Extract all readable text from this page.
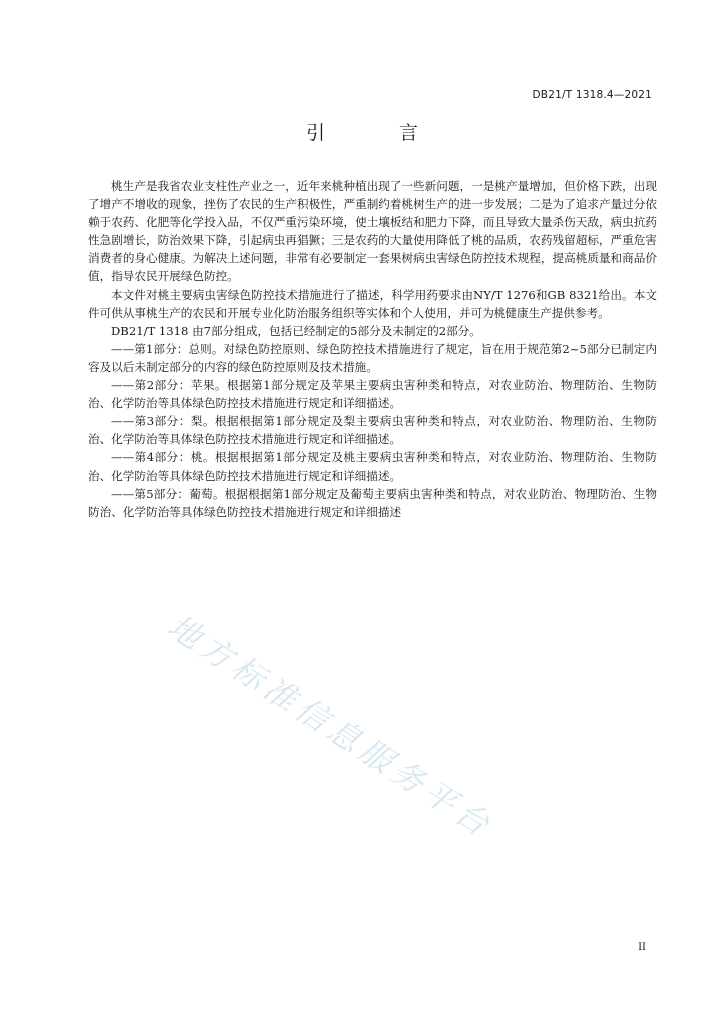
DB21/T 1318.4—2021
引 言

桃生产是我省农业支柱性产业之一，近年来桃种植出现了一些新问题，一是桃产量增加，但价格下跌，出现了增产不增收的现象，挫伤了农民的生产积极性，严重制约着桃树生产的进一步发展；二是为了追求产量过分依赖于农药、化肥等化学投入品，不仅严重污染环境，使土壤板结和肥力下降，而且导致大量杀伤天敌，病虫抗药性急剧增长，防治效果下降，引起病虫再猖獗；三是农药的大量使用降低了桃的品质，农药残留超标，严重危害消费者的身心健康。为解决上述问题，非常有必要制定一套果树病虫害绿色防控技术规程，提高桃质量和商品价值，指导农民开展绿色防控。

本文件对桃主要病虫害绿色防控技术措施进行了描述，科学用药要求由NY/T 1276和GB 8321给出。本文件可供从事桃生产的农民和开展专业化防治服务组织等实体和个人使用，并可为桃健康生产提供参考。

DB21/T 1318 由7部分组成，包括已经制定的5部分及未制定的2部分。

——第1部分：总则。对绿色防控原则、绿色防控技术措施进行了规定，旨在用于规范第2~5部分已制定内容及以后未制定部分的内容的绿色防控原则及技术措施。

——第2部分：苹果。根据第1部分规定及苹果主要病虫害种类和特点，对农业防治、物理防治、生物防治、化学防治等具体绿色防控技术措施进行规定和详细描述。

——第3部分：梨。根据根据第1部分规定及梨主要病虫害种类和特点，对农业防治、物理防治、生物防治、化学防治等具体绿色防控技术措施进行规定和详细描述。

——第4部分：桃。根据根据第1部分规定及桃主要病虫害种类和特点，对农业防治、物理防治、生物防治、化学防治等具体绿色防控技术措施进行规定和详细描述。

——第5部分：葡萄。根据根据第1部分规定及葡萄主要病虫害种类和特点，对农业防治、物理防治、生物防治、化学防治等具体绿色防控技术措施进行规定和详细描述

地方标准信息服务平台
II
